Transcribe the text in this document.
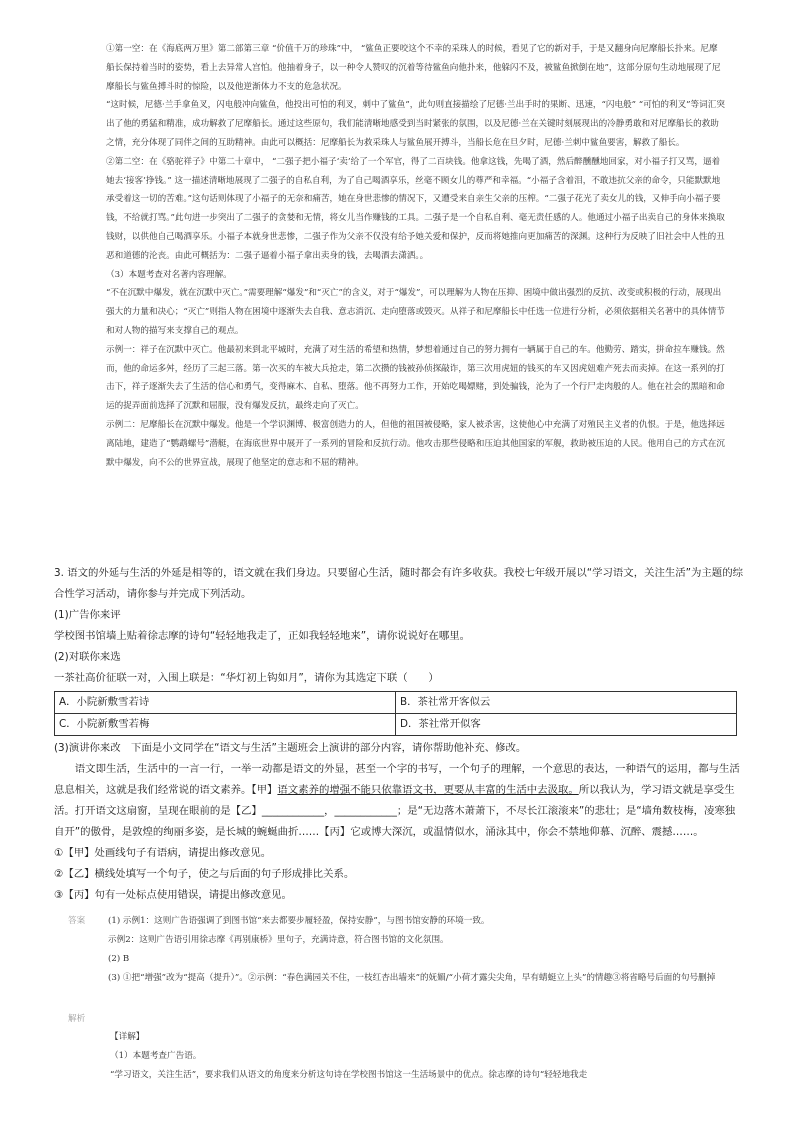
①第一空：在《海底两万里》第二部第三章 “价值千万的珍珠”中， “鲨鱼正要咬这个不幸的采珠人的时候，看见了它的新对手，于是又翻身向尼摩船长扑来。尼摩船长保持着当时的姿势，看上去异常人宫怕。他抽着身子，以一种令人赞叹的沉着等待鲨鱼向他扑来，他躲闪不及，被鲨鱼掀倒在地”，这部分原句生动地展现了尼摩船长与鲨鱼搏斗时的惊险，以及他逆渐体力不支的危急状况。

“这时候，尼德·兰手拿鱼叉，闪电般冲向鲨鱼，他投出可怕的利叉，刺中了鲨鱼”，此句则直接描绘了尼德·兰出手时的果断、迅速，“闪电般” “可怕的利叉”等词汇突出了他的勇猛和精准，成功解救了尼摩船长。通过这些原句，我们能清晰地感受到当时紧张的氛围，以及尼德·兰在关键时刻展现出的冷静勇敢和对尼摩船长的救助之情，充分体现了同伴之间的互助精神。由此可以概括：尼摩船长为救采珠人与鲨鱼展开搏斗，当船长危在旦夕时，尼德·兰刺中鲨鱼要害，解救了船长。

②第二空：在《骆驼祥子》中第二十章中， “二强子把小福子‘卖’给了一个军官，得了二百块钱。他拿这钱，先喝了酒，然后醉醺醺地回家，对小福子打又骂，逼着她去‘接客’挣钱。” 这一描述清晰地展现了二强子的自私自利，为了自己喝酒享乐，丝毫不顾女儿的尊严和幸福。“小福子含着泪，不敢违抗父亲的命令，只能默默地承受着这一切的苦难。”这句话则体现了小福子的无奈和痛苦，她在身世悲惨的情况下，又遭受来自亲生父亲的压榨。“二强子花光了卖女儿的钱，又伸手向小福子要钱，不给就打骂。”此句进一步突出了二强子的贪婪和无情，将女儿当作赚钱的工具。二强子是一个自私自利、毫无责任感的人。他通过小福子出卖自己的身体来换取钱财，以供他自己喝酒享乐。小福子本就身世悲惨，二强子作为父亲不仅没有给予她关爱和保护，反而将她推向更加痛苦的深渊。这种行为反映了旧社会中人性的丑恶和道德的沦丧。由此可概括为：二强子逼着小福子拿出卖身的钱，去喝酒去潇洒。。

（3）本题考查对名著内容理解。

“不在沉默中爆发，就在沉默中灭亡。”需要理解“爆发”和“灭亡”的含义，对于“爆发”，可以理解为人物在压抑、困境中做出强烈的反抗、改变或积极的行动，展现出强大的力量和决心；“灭亡”则指人物在困境中逐渐失去自我、意志消沉、走向堕落或毁灭。从祥子和尼摩船长中任选一位进行分析，必须依据相关名著中的具体情节和对人物的描写来支撑自己的观点。

示例一：祥子在沉默中灭亡。他最初来到北平城时，充满了对生活的希望和热情，梦想着通过自己的努力拥有一辆属于自己的车。他勤劳、踏实，拼命拉车赚钱。然而，他的命运多舛，经历了三起三落。第一次买的车被大兵抢走，第二次攒的钱被孙侦探敲诈，第三次用虎妞的钱买的车又因虎妞难产死去而卖掉。在这一系列的打击下，祥子逐渐失去了生活的信心和勇气，变得麻木、自私、堕落。他不再努力工作，开始吃喝嫖赌，到处骗钱，沦为了一个行尸走肉般的人。他在社会的黑暗和命运的捉弄面前选择了沉默和屈服，没有爆发反抗，最终走向了灭亡。

示例二：尼摩船长在沉默中爆发。他是一个学识渊博、极富创造力的人，但他的祖国被侵略，家人被杀害，这使他心中充满了对殖民主义者的仇恨。于是，他选择远离陆地，建造了“鹦鹉螺号”潜艇，在海底世界中展开了一系列的冒险和反抗行动。他攻击那些侵略和压迫其他国家的军舰，救助被压迫的人民。他用自己的方式在沉默中爆发，向不公的世界宣战，展现了他坚定的意志和不屈的精神。

3. 语文的外延与生活的外延是相等的，语文就在我们身边。只要留心生活，随时都会有许多收获。我校七年级开展以“学习语文，关注生活”为主题的综合性学习活动，请你参与并完成下列活动。

(1)广告你来评

学校图书馆墙上贴着徐志摩的诗句“轻轻地我走了，正如我轻轻地来”，请你说说好在哪里。

(2)对联你来选

一茶社高价征联一对，入围上联是：“华灯初上钩如月”，请你为其选定下联（　　）

A．小院新敷雪若诗	B．茶社常开客似云
C．小院新敷雪若梅	D．茶社常开似客

(3)演讲你来改　下面是小文同学在“语文与生活”主题班会上演讲的部分内容，请你帮助他补充、修改。

语文即生活，生活中的一言一行，一举一动都是语文的外显，甚至一个字的书写，一个句子的理解，一个意思的表达，一种语气的运用，都与生活息息相关，这就是我们经常说的语文素养。【甲】语文素养的增强不能只依靠语文书，更要从丰富的生活中去汲取。所以我认为，学习语文就是享受生活。打开语文这扇窗，呈现在眼前的是【乙】____________，____________；是“无边落木萧萧下，不尽长江滚滚来”的悲壮；是“墙角数枝梅，凌寒独自开”的傲骨，是敦煌的绚丽多姿，是长城的蜿蜒曲折……【丙】它或博大深沉，或温情似水，涌泳其中，你会不禁地仰慕、沉醉、震撼……。

①【甲】处画线句子有语病，请提出修改意见。

②【乙】横线处填写一个句子，使之与后面的句子形成排比关系。

③【丙】句有一处标点使用错误，请提出修改意见。

答案	(1) 示例1：这则广告语强调了到图书馆“来去都要步履轻盈，保持安静”，与图书馆安静的环境一致。

示例2：这则广告语引用徐志摩《再别康桥》里句子，充满诗意，符合图书馆的文化氛围。

(2) B

(3) ①把“增强”改为“提高（提升）”。②示例：“春色满园关不住，一枝红杏出墙来”的妩媚/“小荷才露尖尖角，早有蜻蜓立上头”的情趣③将省略号后面的句号删掉

解析

【详解】

（1）本题考查广告语。

“学习语文，关注生活”，要求我们从语文的角度来分析这句诗在学校图书馆这一生活场景中的优点。徐志摩的诗句“轻轻地我走
